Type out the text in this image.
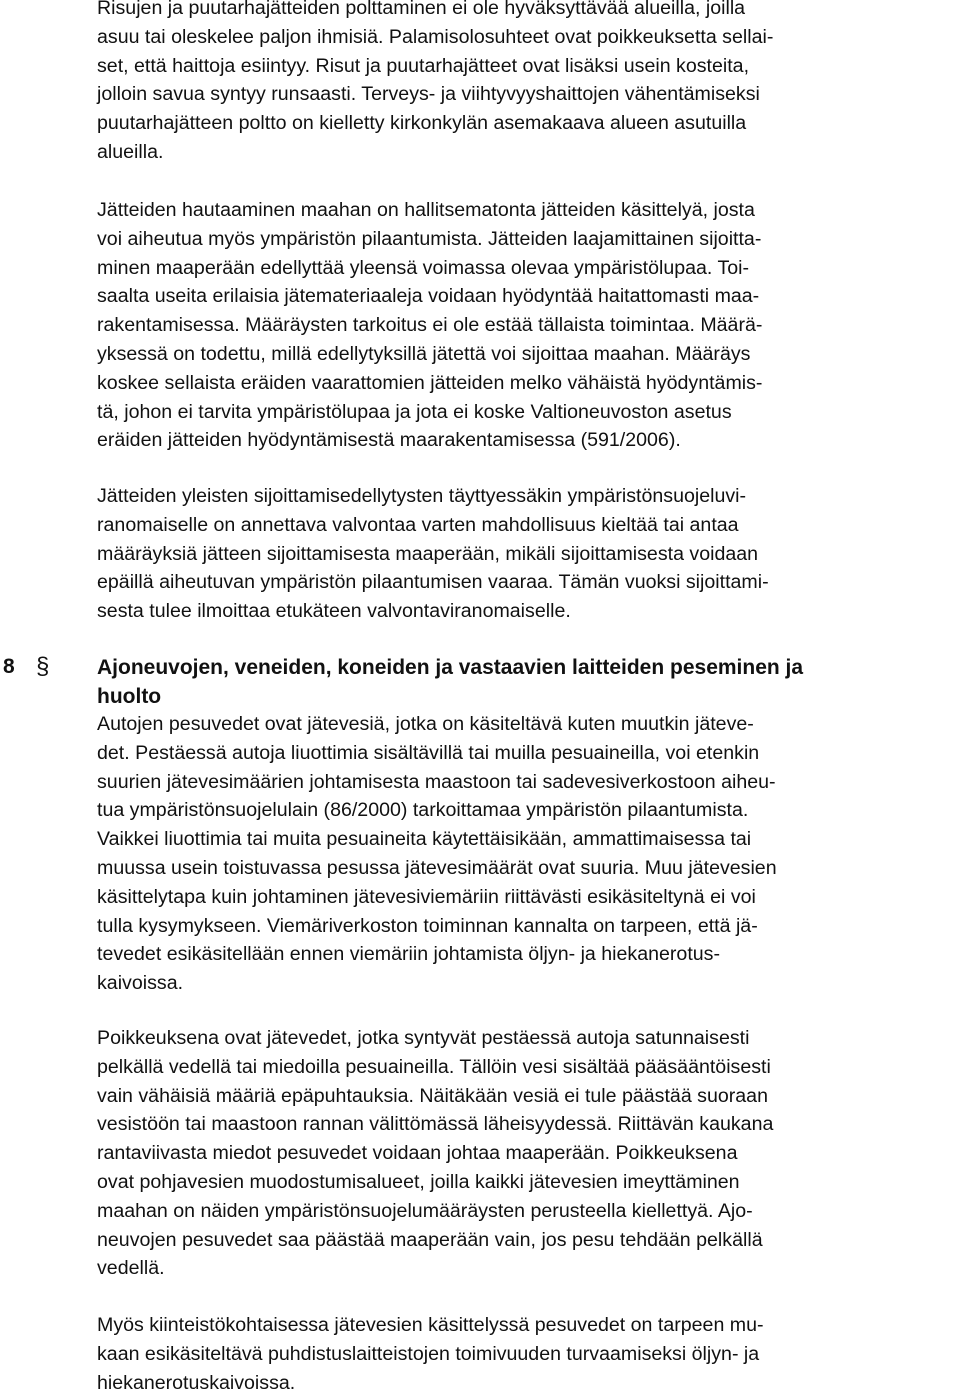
Risujen ja puutarhajätteiden polttaminen ei ole hyväksyttävää alueilla, joilla
asuu tai oleskelee paljon ihmisiä. Palamisolosuhteet ovat poikkeuksetta sellai-
set, että haittoja esiintyy. Risut ja puutarhajätteet ovat lisäksi usein kosteita,
jolloin savua syntyy runsaasti. Terveys- ja viihtyvyyshaittojen vähentämiseksi
puutarhajätteen poltto on kielletty kirkonkylän asemakaava alueen asutuilla
alueilla.

Jätteiden hautaaminen maahan on hallitsematonta jätteiden käsittelyä, josta
voi aiheutua myös ympäristön pilaantumista. Jätteiden laajamittainen sijoitta-
minen maaperään edellyttää yleensä voimassa olevaa ympäristölupaa. Toi-
saalta useita erilaisia jätemateriaaleja voidaan hyödyntää haitattomasti maa-
rakentamisessa. Määräysten tarkoitus ei ole estää tällaista toimintaa. Määrä-
yksessä on todettu, millä edellytyksillä jätettä voi sijoittaa maahan. Määräys
koskee sellaista eräiden vaarattomien jätteiden melko vähäistä hyödyntämis-
tä, johon ei tarvita ympäristölupaa ja jota ei koske Valtioneuvoston asetus
eräiden jätteiden hyödyntämisestä maarakentamisessa (591/2006).

Jätteiden yleisten sijoittamisedellytysten täyttyessäkin ympäristönsuojeluvi-
ranomaiselle on annettava valvontaa varten mahdollisuus kieltää tai antaa
määräyksiä jätteen sijoittamisesta maaperään, mikäli sijoittamisesta voidaan
epäillä aiheutuvan ympäristön pilaantumisen vaaraa. Tämän vuoksi sijoittami-
sesta tulee ilmoittaa etukäteen valvontaviranomaiselle.

8 § Ajoneuvojen, veneiden, koneiden ja vastaavien laitteiden peseminen ja
huolto

Autojen pesuvedet ovat jätevesiä, jotka on käsiteltävä kuten muutkin jäteve-
det. Pestäessä autoja liuottimia sisältävillä tai muilla pesuaineilla, voi etenkin
suurien jätevesimäärien johtamisesta maastoon tai sadevesiverkostoon aiheu-
tua ympäristönsuojelulain (86/2000) tarkoittamaa ympäristön pilaantumista.
Vaikkei liuottimia tai muita pesuaineita käytettäisikään, ammattimaisessa tai
muussa usein toistuvassa pesussa jätevesimäärät ovat suuria. Muu jätevesien
käsittelytapa kuin johtaminen jätevesiviemäriin riittävästi esikäsiteltynä ei voi
tulla kysymykseen. Viemäriverkoston toiminnan kannalta on tarpeen, että jä-
tevedet esikäsitellään ennen viemäriin johtamista öljyn- ja hiekanerotus-
kaivoissa.

Poikkeuksena ovat jätevedet, jotka syntyvät pestäessä autoja satunnaisesti
pelkällä vedellä tai miedoilla pesuaineilla. Tällöin vesi sisältää pääsääntöisesti
vain vähäisiä määriä epäpuhtauksia. Näitäkään vesiä ei tule päästää suoraan
vesistöön tai maastoon rannan välittömässä läheisyydessä. Riittävän kaukana
rantaviivasta miedot pesuvedet voidaan johtaa maaperään. Poikkeuksena
ovat pohjavesien muodostumisalueet, joilla kaikki jätevesien imeyttäminen
maahan on näiden ympäristönsuojelumääräysten perusteella kiellettyä. Ajo-
neuvojen pesuvedet saa päästää maaperään vain, jos pesu tehdään pelkällä
vedellä.

Myös kiinteistökohtaisessa jätevesien käsittelyssä pesuvedet on tarpeen mu-
kaan esikäsiteltävä puhdistuslaitteistojen toimivuuden turvaamiseksi öljyn- ja
hiekanerotuskaivoissa.
